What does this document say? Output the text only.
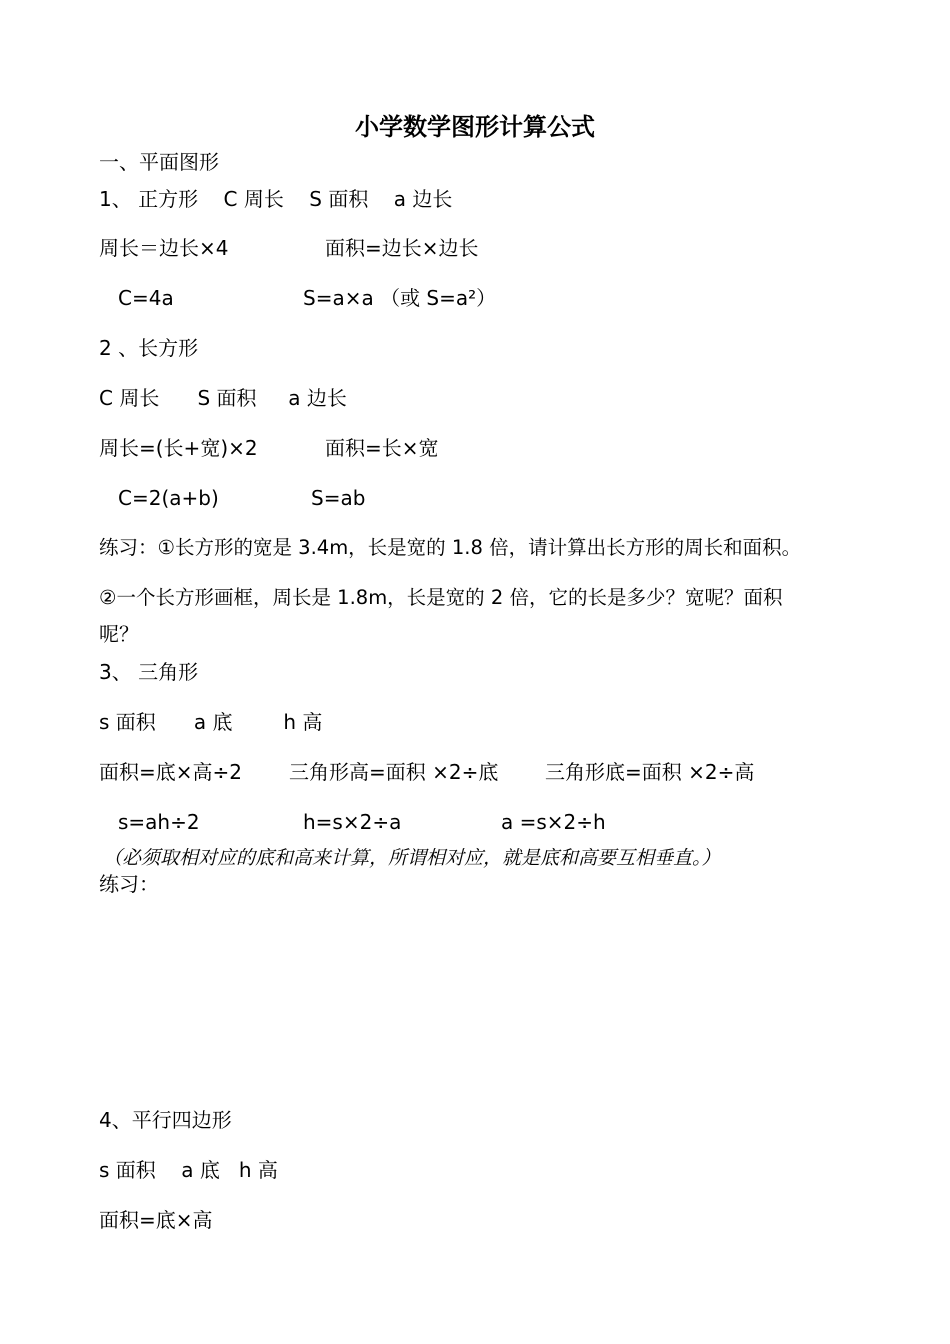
小学数学图形计算公式
一、平面图形
1、 正方形    C 周长    S 面积    a 边长

周长＝边长×4

	面积=边长×边长

C=4a

	S=a×a （或 S=a²）

2 、长方形
C 周长      S 面积     a 边长

周长=(长+宽)×2

	面积=长×宽

C=2(a+b)

	S=ab

练习：①长方形的宽是 3.4m，长是宽的 1.8 倍，请计算出长方形的周长和面积。
②一个长方形画框，周长是 1.8m，长是宽的 2 倍，它的长是多少？宽呢？面积
呢？
3、 三角形
s 面积      a 底        h 高

面积=底×高÷2

三角形高=面积 ×2÷底

三角形底=面积 ×2÷高

s=ah÷2

	h=s×2÷a

	a =s×2÷h

（必须取相对应的底和高来计算，所谓相对应，就是底和高要互相垂直。）
练习：
4、平行四边形
s 面积    a 底   h 高
面积=底×高
